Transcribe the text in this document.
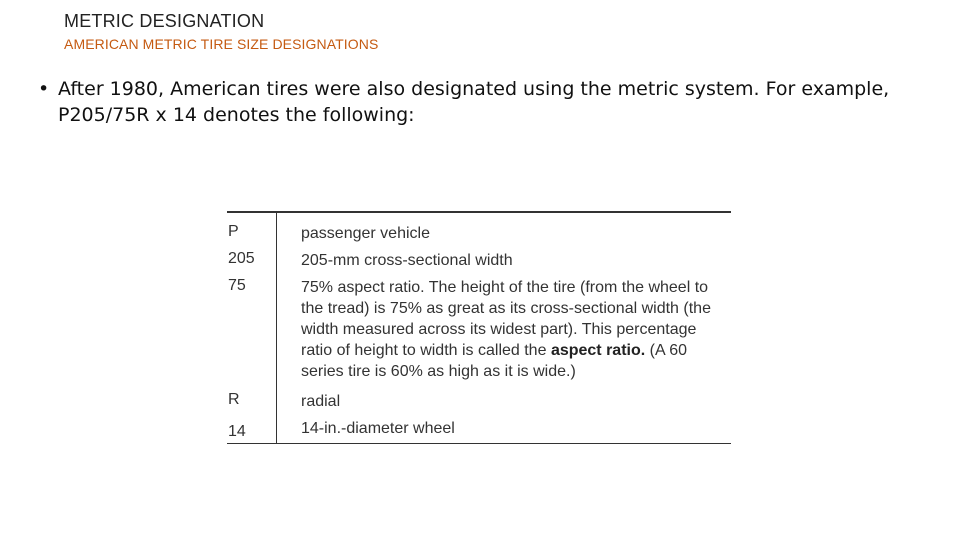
METRIC DESIGNATION
AMERICAN METRIC TIRE SIZE DESIGNATIONS
• After 1980, American tires were also designated using the metric system. For example, P205/75R x 14 denotes the following:
P	passenger vehicle
205	205-mm cross-sectional width
75	75% aspect ratio. The height of the tire (from the wheel to the tread) is 75% as great as its cross-sectional width (the width measured across its widest part). This percentage ratio of height to width is called the aspect ratio. (A 60 series tire is 60% as high as it is wide.)
R	radial
14	14-in.-diameter wheel
